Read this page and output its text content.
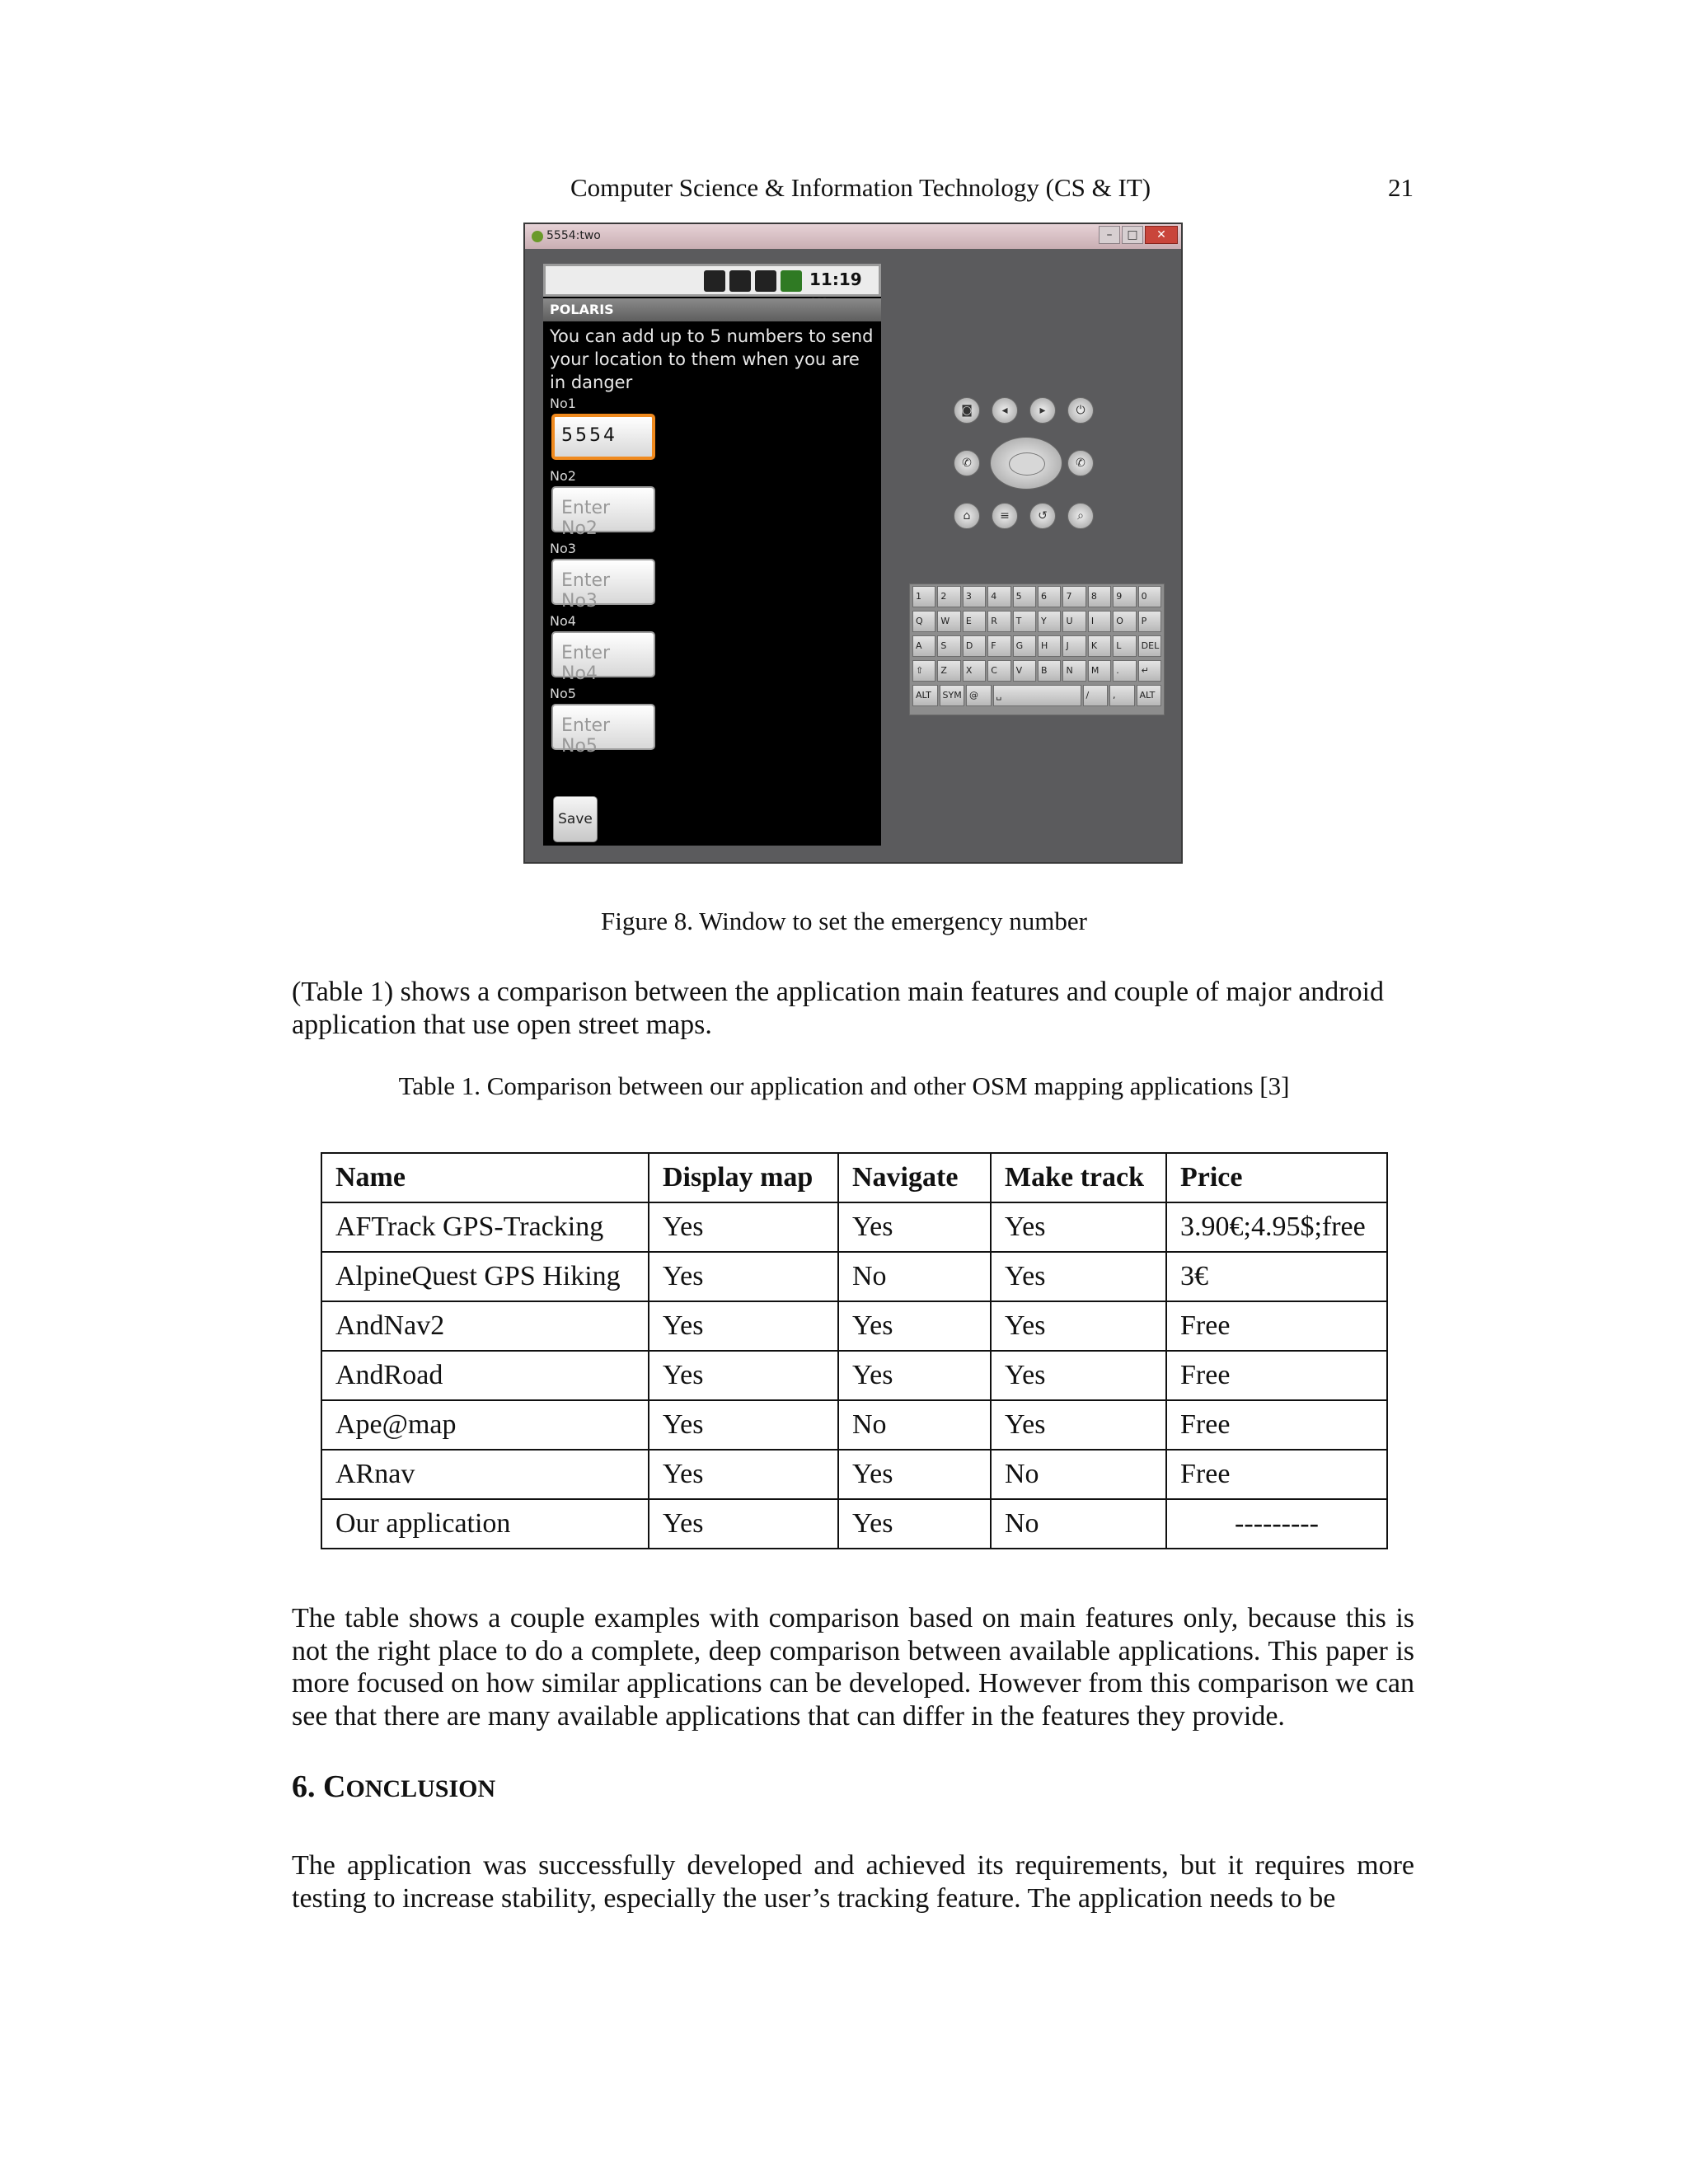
Computer Science & Information Technology (CS & IT)	21
5554:two	–	□	✕
11:19
POLARIS
You can add up to 5 numbers to send your location to them when you are in danger
No1
5554
No2
Enter No2
No3
Enter No3
No4
Enter No4
No5
Enter No5
Save
◙	◂	▸	⏻
✆	✆
⌂	≡	↺	⌕
1	2	3	4	5	6	7	8	9	0
Q	W	E	R	T	Y	U	I	O	P
A	S	D	F	G	H	J	K	L	DEL
⇧	Z	X	C	V	B	N	M	.	↵
ALT	SYM @	␣	/	,	ALT
Figure 8. Window to set the emergency number

(Table 1) shows a comparison between the application main features and couple of major android application that use open street maps.

Table 1. Comparison between our application and other OSM mapping applications [3]
Name	Display map	Navigate	Make track	Price
AFTrack GPS-Tracking	Yes	Yes	Yes	3.90€;4.95$;free
AlpineQuest GPS Hiking	Yes	No	Yes	3€
AndNav2	Yes	Yes	Yes	Free
AndRoad	Yes	Yes	Yes	Free
Ape@map	Yes	No	Yes	Free
ARnav	Yes	Yes	No	Free
Our application	Yes	Yes	No	---------

The table shows a couple examples with comparison based on main features only, because this is not the right place to do a complete, deep comparison between available applications. This paper is more focused on how similar applications can be developed. However from this comparison we can see that there are many available applications that can differ in the features they provide.

6. CONCLUSION

The application was successfully developed and achieved its requirements, but it requires more testing to increase stability, especially the user’s tracking feature. The application needs to be
